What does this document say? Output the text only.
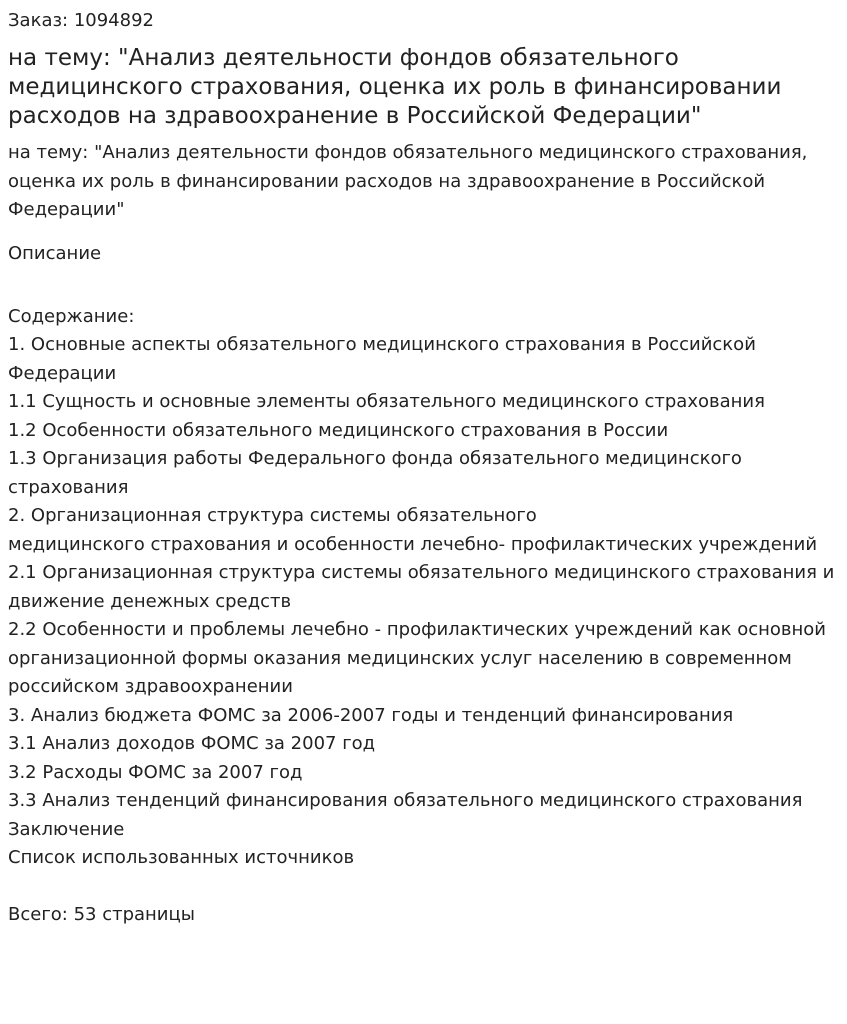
Заказ: 1094892

на тему: "Анализ деятельности фондов обязательного медицинского страхования, оценка их роль в финансировании расходов на здравоохранение в Российской Федерации"

на тему: "Анализ деятельности фондов обязательного медицинского страхования, оценка их роль в финансировании расходов на здравоохранение в Российской Федерации"

Описание

Содержание:
1. Основные аспекты обязательного медицинского страхования в Российской Федерации
1.1 Сущность и основные элементы обязательного медицинского страхования
1.2 Особенности обязательного медицинского страхования в России
1.3 Организация работы Федерального фонда обязательного медицинского страхования
2. Организационная структура системы обязательного
медицинского страхования и особенности лечебно- профилактических учреждений
2.1 Организационная структура системы обязательного медицинского страхования и движение денежных средств
2.2 Особенности и проблемы лечебно - профилактических учреждений как основной организационной формы оказания медицинских услуг населению в современном российском здравоохранении
3. Анализ бюджета ФОМС за 2006-2007 годы и тенденций финансирования
3.1 Анализ доходов ФОМС за 2007 год
3.2 Расходы ФОМС за 2007 год
3.3 Анализ тенденций финансирования обязательного медицинского страхования
Заключение
Список использованных источников

Всего: 53 страницы
